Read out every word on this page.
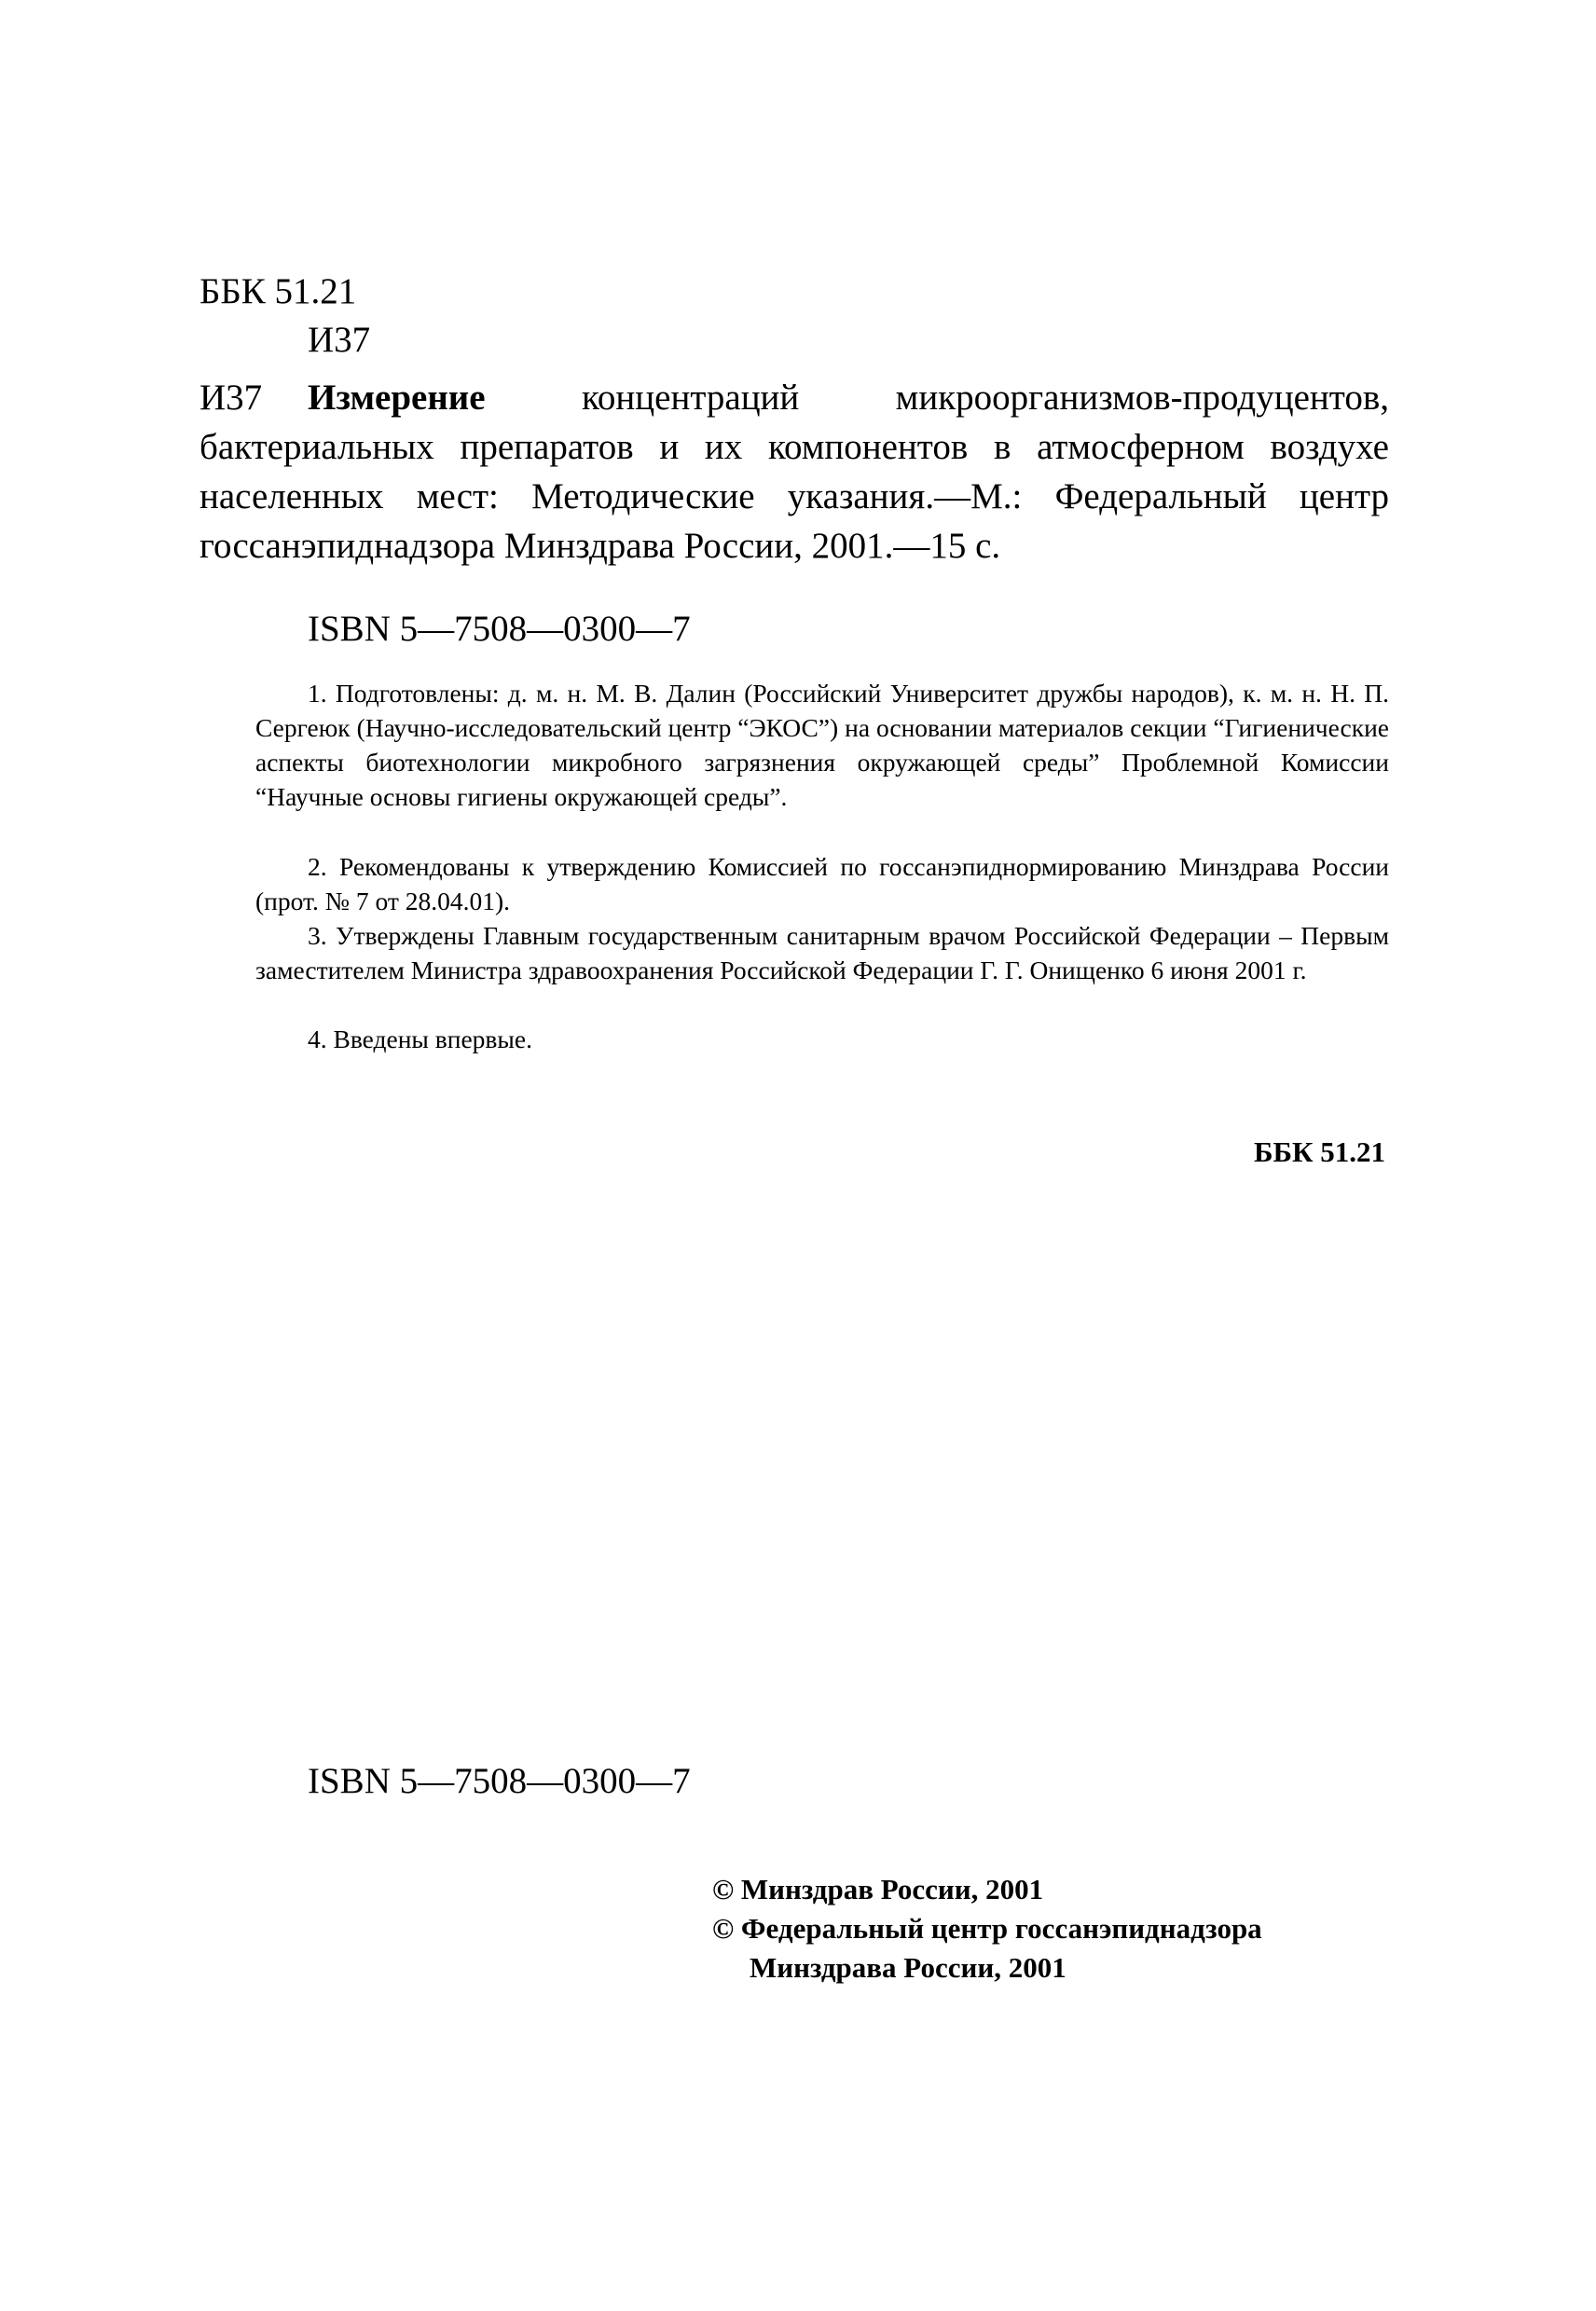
ББК 51.21
И37
И37	Измерение	концентраций микроорганизмов-продуцентов, бактериальных препаратов и их компонентов в атмосферном воздухе населенных мест: Методические указания.—М.: Федеральный центр госсанэпиднадзора Минздрава России, 2001.—15 с.
ISBN 5—7508—0300—7
1. Подготовлены: д. м. н. М. В. Далин (Российский Университет дружбы народов), к. м. н. Н. П. Сергеюк (Научно-исследовательский центр “ЭКОС”) на основании материалов секции “Гигиенические аспекты биотехнологии микробного загрязнения окружающей среды” Проблемной Комиссии “Научные основы гигиены окружающей среды”.
2. Рекомендованы к утверждению Комиссией по госсанэпиднормированию Минздрава России (прот. № 7 от 28.04.01).
3. Утверждены Главным государственным санитарным врачом Российской Федерации – Первым заместителем Министра здравоохранения Российской Федерации Г. Г. Онищенко 6 июня 2001 г.
4. Введены впервые.
ББК 51.21
ISBN 5—7508—0300—7
© Минздрав России, 2001
© Федеральный центр госсанэпиднадзора
Минздрава России, 2001
